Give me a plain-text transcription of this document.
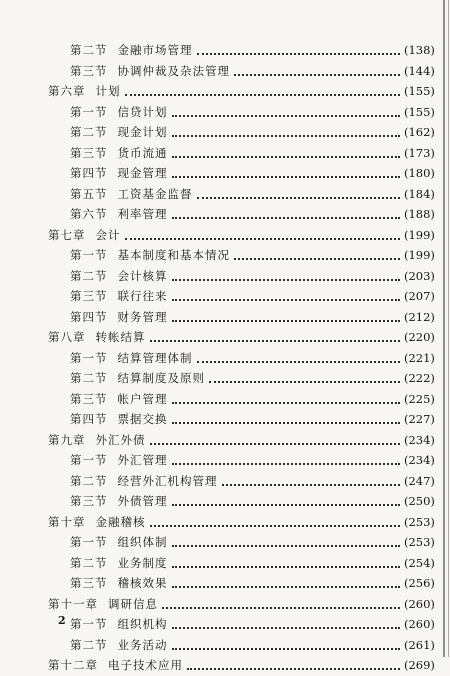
第二节 金融市场管理	(138)
第三节 协调仲裁及杂法管理	(144)
第六章 计划	(155)
第一节 信贷计划	(155)
第二节 现金计划	(162)
第三节 货币流通	(173)
第四节 现金管理	(180)
第五节 工资基金监督	(184)
第六节 利率管理	(188)
第七章 会计	(199)
第一节 基本制度和基本情况	(199)
第二节 会计核算	(203)
第三节 联行往来	(207)
第四节 财务管理	(212)
第八章 转帐结算	(220)
第一节 结算管理体制	(221)
第二节 结算制度及原则	(222)
第三节 帐户管理	(225)
第四节 票据交换	(227)
第九章 外汇外债	(234)
第一节 外汇管理	(234)
第二节 经营外汇机构管理	(247)
第三节 外债管理	(250)
第十章 金融稽核	(253)
第一节 组织体制	(253)
第二节 业务制度	(254)
第三节 稽核效果	(256)
第十一章 调研信息	(260)
第一节 组织机构	(260)
第二节 业务活动	(261)
第十二章 电子技术应用	(269)
2
